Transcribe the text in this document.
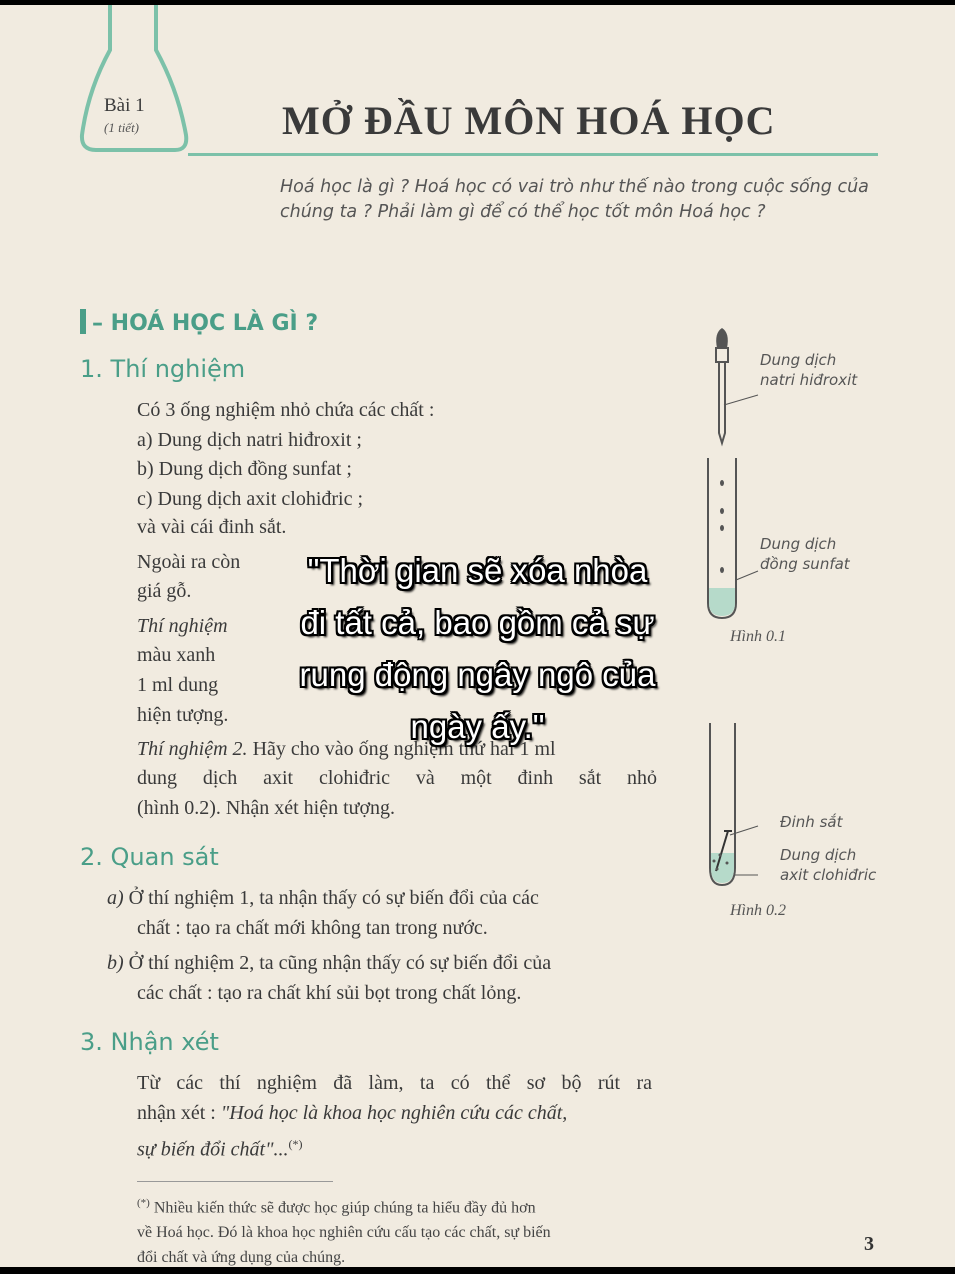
Bài 1
(1 tiết)	MỞ ĐẦU MÔN HOÁ HỌC
Hoá học là gì ? Hoá học có vai trò như thế nào trong cuộc sống của chúng ta ? Phải làm gì để có thể học tốt môn Hoá học ?
– HOÁ HỌC LÀ GÌ ?
1. Thí nghiệm
Có 3 ống nghiệm nhỏ chứa các chất :
a) Dung dịch natri hiđroxit ;
b) Dung dịch đồng sunfat ;
c) Dung dịch axit clohiđric ;
và vài cái đinh sắt.
Ngoài ra còn
giá gỗ.
Thí nghiệm
màu xanh
1 ml dung
hiện tượng.
Thí nghiệm 2. Hãy cho vào ống nghiệm thứ hai 1 ml
dung dịch axit clohiđric và một đinh sắt nhỏ
(hình 0.2). Nhận xét hiện tượng.
2. Quan sát
a) Ở thí nghiệm 1, ta nhận thấy có sự biến đổi của các
chất : tạo ra chất mới không tan trong nước.
b) Ở thí nghiệm 2, ta cũng nhận thấy có sự biến đổi của
các chất : tạo ra chất khí sủi bọt trong chất lỏng.
3. Nhận xét
Từ các thí nghiệm đã làm, ta có thể sơ bộ rút ra
nhận xét : "Hoá học là khoa học nghiên cứu các chất,
sự biến đổi chất"...(*)
Dung dịch
natri hiđroxit
Dung dịch
đồng sunfat
Hình 0.1
Đinh sắt
Dung dịch
axit clohiđric
Hình 0.2
(*) Nhiều kiến thức sẽ được học giúp chúng ta hiểu đầy đủ hơn
về Hoá học. Đó là khoa học nghiên cứu cấu tạo các chất, sự biến
đổi chất và ứng dụng của chúng.
3
"Thời gian sẽ xóa nhòa
đi tất cả, bao gồm cả sự
rung động ngây ngô của
ngày ấy."
